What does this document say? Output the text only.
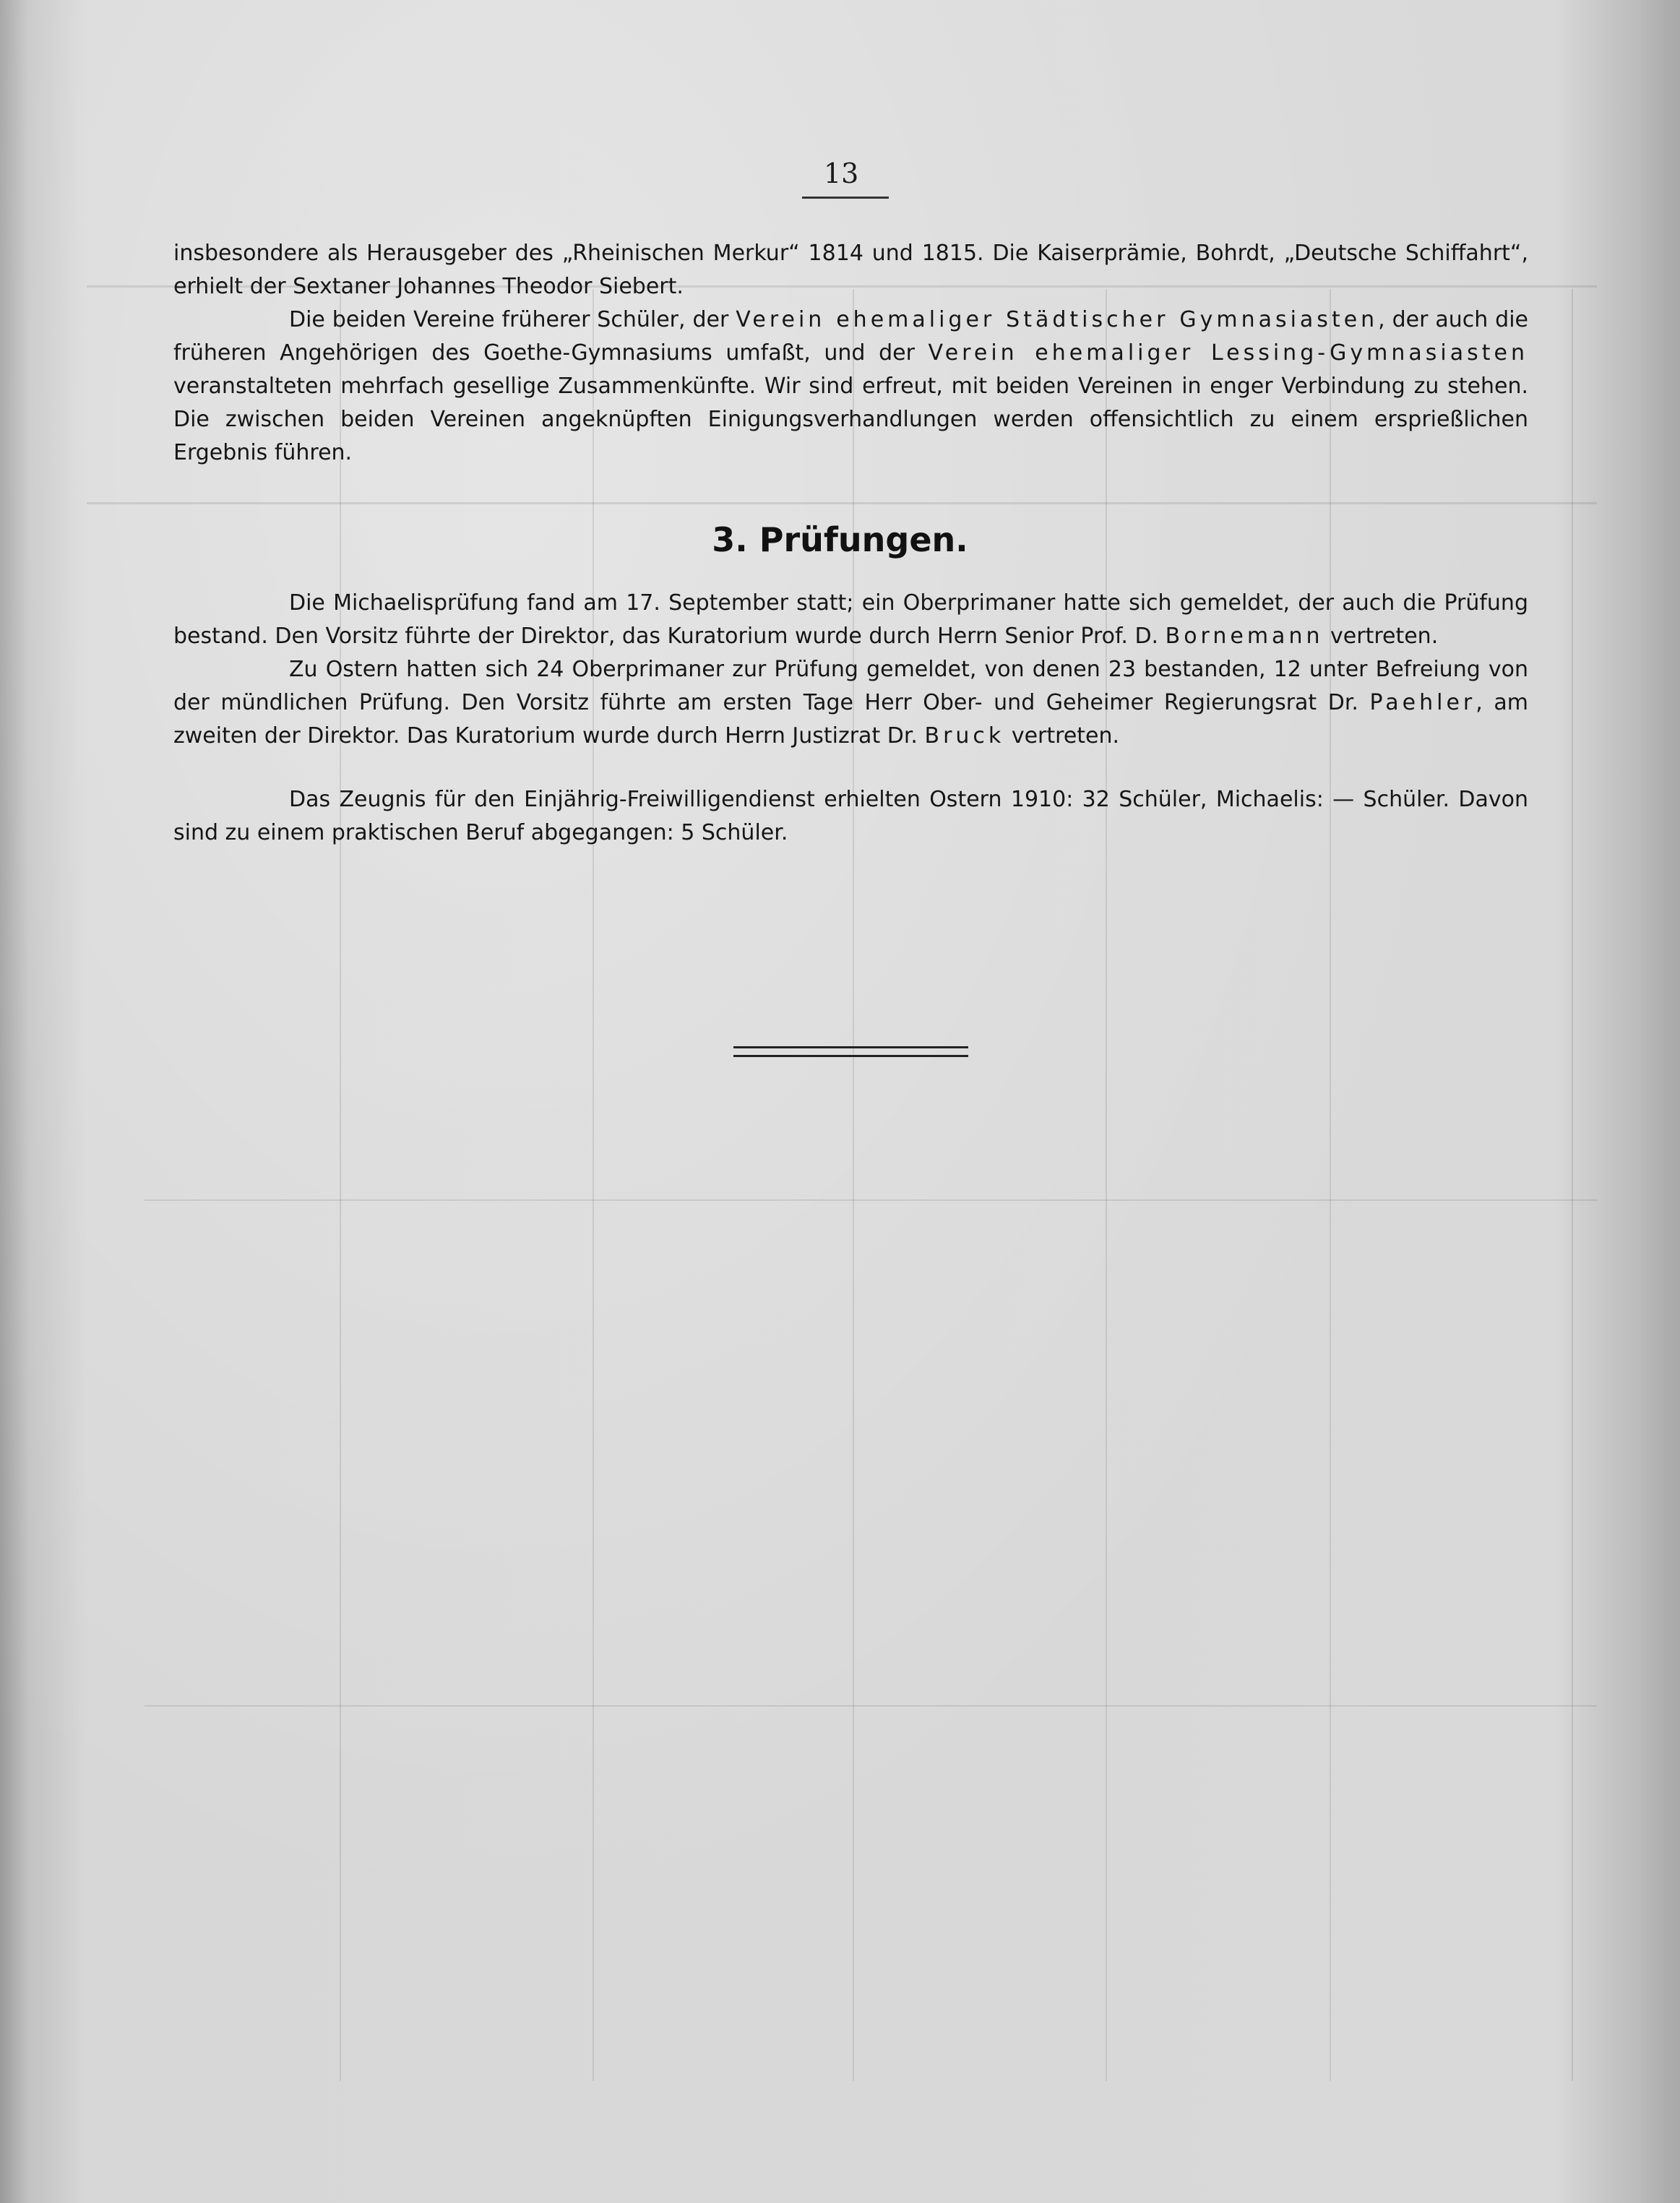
13

insbesondere als Herausgeber des „Rheinischen Merkur“ 1814 und 1815. Die Kaiserprämie, Bohrdt, „Deutsche Schiffahrt“, erhielt der Sextaner Johannes Theodor Siebert.

Die beiden Vereine früherer Schüler, der Verein ehemaliger Städtischer Gymnasiasten, der auch die früheren Angehörigen des Goethe-Gymnasiums umfaßt, und der Verein ehemaliger Lessing-Gymnasiasten veranstalteten mehrfach gesellige Zusammenkünfte. Wir sind erfreut, mit beiden Vereinen in enger Verbindung zu stehen. Die zwischen beiden Vereinen angeknüpften Einigungsverhandlungen werden offensichtlich zu einem ersprießlichen Ergebnis führen.

3. Prüfungen.

Die Michaelisprüfung fand am 17. September statt; ein Oberprimaner hatte sich gemeldet, der auch die Prüfung bestand. Den Vorsitz führte der Direktor, das Kuratorium wurde durch Herrn Senior Prof. D. Bornemann vertreten.

Zu Ostern hatten sich 24 Oberprimaner zur Prüfung gemeldet, von denen 23 bestanden, 12 unter Befreiung von der mündlichen Prüfung. Den Vorsitz führte am ersten Tage Herr Ober- und Geheimer Regierungsrat Dr. Paehler, am zweiten der Direktor. Das Kuratorium wurde durch Herrn Justizrat Dr. Bruck vertreten.

Das Zeugnis für den Einjährig-Freiwilligendienst erhielten Ostern 1910: 32 Schüler, Michaelis: — Schüler. Davon sind zu einem praktischen Beruf abgegangen: 5 Schüler.
